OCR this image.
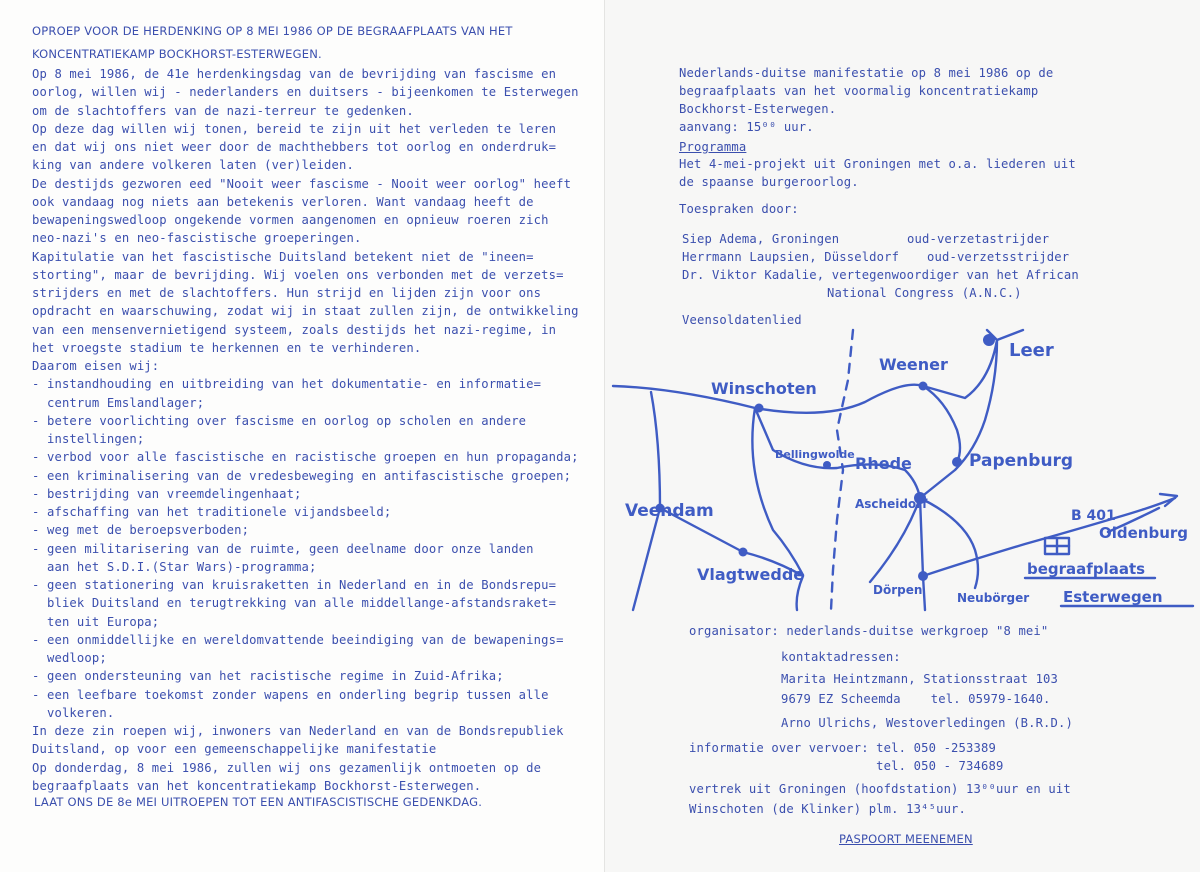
OPROEP VOOR DE HERDENKING OP 8 MEI 1986 OP DE BEGRAAFPLAATS VAN HET
KONCENTRATIEKAMP BOCKHORST-ESTERWEGEN.
Op 8 mei 1986, de 41e herdenkingsdag van de bevrijding van fascisme en
oorlog, willen wij - nederlanders en duitsers - bijeenkomen te Esterwegen
om de slachtoffers van de nazi-terreur te gedenken.
Op deze dag willen wij tonen, bereid te zijn uit het verleden te leren
en dat wij ons niet weer door de machthebbers tot oorlog en onderdruk=
king van andere volkeren laten (ver)leiden.
De destijds gezworen eed "Nooit weer fascisme - Nooit weer oorlog" heeft
ook vandaag nog niets aan betekenis verloren. Want vandaag heeft de
bewapeningswedloop ongekende vormen aangenomen en opnieuw roeren zich
neo-nazi's en neo-fascistische groeperingen.
Kapitulatie van het fascistische Duitsland betekent niet de "ineen=
storting", maar de bevrijding. Wij voelen ons verbonden met de verzets=
strijders en met de slachtoffers. Hun strijd en lijden zijn voor ons
opdracht en waarschuwing, zodat wij in staat zullen zijn, de ontwikkeling
van een mensenvernietigend systeem, zoals destijds het nazi-regime, in
het vroegste stadium te herkennen en te verhinderen.
Daarom eisen wij:
- instandhouding en uitbreiding van het dokumentatie- en informatie=
centrum Emslandlager;
- betere voorlichting over fascisme en oorlog op scholen en andere
instellingen;
- verbod voor alle fascistische en racistische groepen en hun propaganda;
- een kriminalisering van de vredesbeweging en antifascistische groepen;
- bestrijding van vreemdelingenhaat;
- afschaffing van het traditionele vijandsbeeld;
- weg met de beroepsverboden;
- geen militarisering van de ruimte, geen deelname door onze landen
aan het S.D.I.(Star Wars)-programma;
- geen stationering van kruisraketten in Nederland en in de Bondsrepu=
bliek Duitsland en terugtrekking van alle middellange-afstandsraket=
ten uit Europa;
- een onmiddellijke en wereldomvattende beeindiging van de bewapenings=
wedloop;
- geen ondersteuning van het racistische regime in Zuid-Afrika;
- een leefbare toekomst zonder wapens en onderling begrip tussen alle
volkeren.
In deze zin roepen wij, inwoners van Nederland en van de Bondsrepubliek
Duitsland, op voor een gemeenschappelijke manifestatie
Op donderdag, 8 mei 1986, zullen wij ons gezamenlijk ontmoeten op de
begraafplaats van het koncentratiekamp Bockhorst-Esterwegen.
LAAT ONS DE 8e MEI UITROEPEN TOT EEN ANTIFASCISTISCHE GEDENKDAG.
Nederlands-duitse manifestatie op 8 mei 1986 op de
begraafplaats van het voormalig koncentratiekamp
Bockhorst-Esterwegen.
aanvang: 15⁰⁰ uur.
Programma
Het 4-mei-projekt uit Groningen met o.a. liederen uit
de spaanse burgeroorlog.
Toespraken door:
Siep Adema, Groningen	oud-verzetastrijder
Herrmann Laupsien, Düsseldorf oud-verzetsstrijder
Dr. Viktor Kadalie, vertegenwoordiger van het African
National Congress (A.N.C.)
Veensoldatenlied
Weener
Leer
Winschoten
Bellingwolde Rhede	Papenburg
Veendam	Ascheidorf
Vlagtwedde
Dörpen
Neubörger
B 401
Oldenburg
begraafplaats
Esterwegen
organisator: nederlands-duitse werkgroep "8 mei"
kontaktadressen:
Marita Heintzmann, Stationsstraat 103
9679 EZ Scheemda    tel. 05979-1640.
Arno Ulrichs, Westoverledingen (B.R.D.)
informatie over vervoer: tel. 050 -253389
tel. 050 - 734689
vertrek uit Groningen (hoofdstation) 13⁰⁰uur en uit
Winschoten (de Klinker) plm. 13⁴⁵uur.
PASPOORT MEENEMEN
